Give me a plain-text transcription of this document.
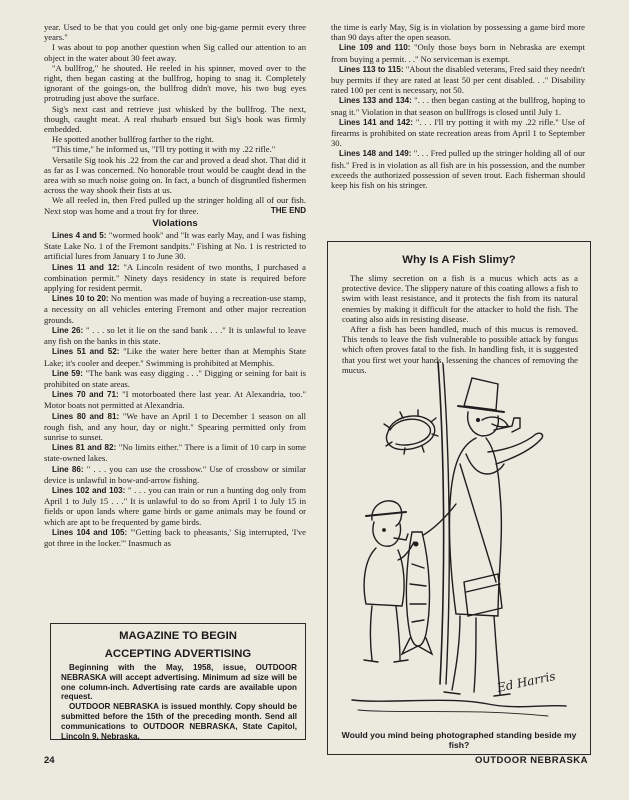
year. Used to be that you could get only one big-game permit every three years."

I was about to pop another question when Sig called our attention to an object in the water about 30 feet away.

"A bullfrog," he shouted. He reeled in his spinner, moved over to the right, then began casting at the bullfrog, hoping to snag it. Completely ignorant of the goings-on, the bullfrog didn't move, his two bug eyes protruding just above the surface.

Sig's next cast and retrieve just whisked by the bullfrog. The next, though, caught meat. A real rhubarb ensued but Sig's hook was firmly embedded.

He spotted another bullfrog farther to the right.

"This time," he informed us, "I'll try potting it with my .22 rifle."

Versatile Sig took his .22 from the car and proved a dead shot. That did it as far as I was concerned. No honorable trout would be caught dead in the area with so much noise going on. In fact, a bunch of disgruntled fishermen across the way shook their fists at us.

We all reeled in, then Fred pulled up the stringer holding all of our fish. Next stop was home and a trout fry for three.	THE END

Violations

Lines 4 and 5: "wormed hook" and "It was early May, and I was fishing State Lake No. 1 of the Fremont sandpits." Fishing at No. 1 is restricted to artificial lures from January 1 to June 30.

Lines 11 and 12: "A Lincoln resident of two months, I purchased a combination permit." Ninety days residency in state is required before applying for resident permit.

Lines 10 to 20: No mention was made of buying a recreation-use stamp, a necessity on all vehicles entering Fremont and other major recreation grounds.

Line 26: " . . . so let it lie on the sand bank . . ." It is unlawful to leave any fish on the banks in this state.

Lines 51 and 52: "Like the water here better than at Memphis State Lake; it's cooler and deeper." Swimming is prohibited at Memphis.

Line 59: "The bank was easy digging . . ." Digging or seining for bait is prohibited on state areas.

Lines 70 and 71: "I motorboated there last year. At Alexandria, too." Motor boats not permitted at Alexandria.

Lines 80 and 81: "We have an April 1 to December 1 season on all rough fish, and any hour, day or night." Spearing permitted only from sunrise to sunset.

Lines 81 and 82: "No limits either." There is a limit of 10 carp in some state-owned lakes.

Line 86: " . . . you can use the crossbow." Use of crossbow or similar device is unlawful in bow-and-arrow fishing.

Lines 102 and 103: " . . . you can train or run a hunting dog only from April 1 to July 15 . . ." It is unlawful to do so from April 1 to July 15 in fields or upon lands where game birds or game animals may be found or which are apt to be frequented by game birds.

Lines 104 and 105: "'Getting back to pheasants,' Sig interrupted, 'I've got three in the locker.'" Inasmuch as

MAGAZINE TO BEGIN
ACCEPTING ADVERTISING

Beginning with the May, 1958, issue, OUTDOOR NEBRASKA will accept advertising. Minimum ad size will be one column-inch. Advertising rate cards are available upon request.

OUTDOOR NEBRASKA is issued monthly. Copy should be submitted before the 15th of the preceding month. Send all communications to OUTDOOR NEBRASKA, State Capitol, Lincoln 9, Nebraska.

the time is early May, Sig is in violation by possessing a game bird more than 90 days after the open season.

Line 109 and 110: "Only those boys born in Nebraska are exempt from buying a permit. . ." No serviceman is exempt.

Lines 113 to 115: "About the disabled veterans, Fred said they needn't buy permits if they are rated at least 50 per cent disabled. . ." Disability rated 100 per cent is necessary, not 50.

Lines 133 and 134: ". . . then began casting at the bullfrog, hoping to snag it." Violation in that season on bullfrogs is closed until July 1.

Lines 141 and 142: ". . . I'll try potting it with my .22 rifle." Use of firearms is prohibited on state recreation areas from April 1 to September 30.

Lines 148 and 149: ". . . Fred pulled up the stringer holding all of our fish." Fred is in violation as all fish are in his possession, and the number exceeds the authorized possession of seven trout. Each fisherman should keep his fish on his stringer.

Why Is A Fish Slimy?

The slimy secretion on a fish is a mucus which acts as a protective device. The slippery nature of this coating allows a fish to swim with least resistance, and it protects the fish from its natural enemies by making it difficult for the attacker to hold the fish. The coating also aids in resisting disease.

After a fish has been handled, much of this mucus is removed. This tends to leave the fish vulnerable to possible attack by fungus which often proves fatal to the fish. In handling fish, it is suggested that you first wet your hands, lessening the chances of removing the mucus.

Ed Harris
Would you mind being photographed standing beside my fish?
24	OUTDOOR NEBRASKA
